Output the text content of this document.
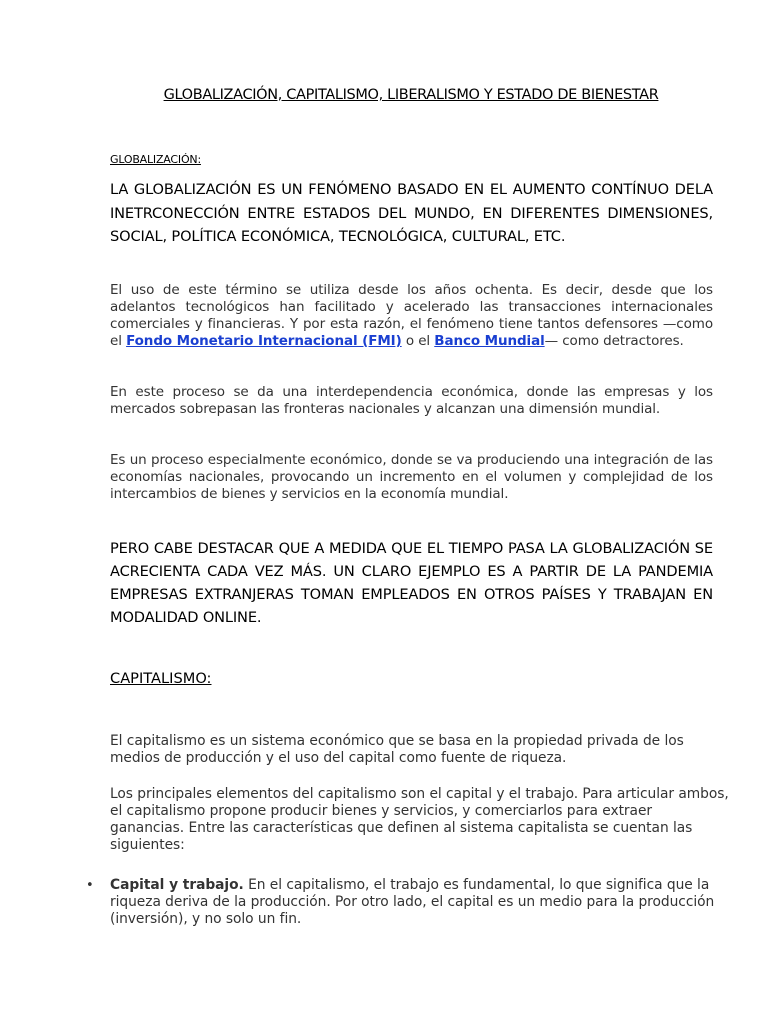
GLOBALIZACIÓN, CAPITALISMO, LIBERALISMO Y ESTADO DE BIENESTAR
GLOBALIZACIÓN:
LA GLOBALIZACIÓN ES UN FENÓMENO BASADO EN EL AUMENTO CONTÍNUO DELA INETRCONECCIÓN ENTRE ESTADOS DEL MUNDO, EN DIFERENTES DIMENSIONES, SOCIAL, POLÍTICA ECONÓMICA, TECNOLÓGICA, CULTURAL, ETC.
El uso de este término se utiliza desde los años ochenta. Es decir, desde que los adelantos tecnológicos han facilitado y acelerado las transacciones internacionales comerciales y financieras. Y por esta razón, el fenómeno tiene tantos defensores —como el Fondo Monetario Internacional (FMI) o el Banco Mundial— como detractores.
En este proceso se da una interdependencia económica, donde las empresas y los mercados sobrepasan las fronteras nacionales y alcanzan una dimensión mundial.
Es un proceso especialmente económico, donde se va produciendo una integración de las economías nacionales, provocando un incremento en el volumen y complejidad de los intercambios de bienes y servicios en la economía mundial.
PERO CABE DESTACAR QUE A MEDIDA QUE EL TIEMPO PASA LA GLOBALIZACIÓN SE ACRECIENTA CADA VEZ MÁS. UN CLARO EJEMPLO ES A PARTIR DE LA PANDEMIA EMPRESAS EXTRANJERAS TOMAN EMPLEADOS EN OTROS PAÍSES Y TRABAJAN EN MODALIDAD ONLINE.
CAPITALISMO:
El capitalismo es un sistema económico que se basa en la propiedad privada de los medios de producción y el uso del capital como fuente de riqueza.
Los principales elementos del capitalismo son el capital y el trabajo. Para articular ambos, el capitalismo propone producir bienes y servicios, y comerciarlos para extraer ganancias. Entre las características que definen al sistema capitalista se cuentan las siguientes:
• Capital y trabajo. En el capitalismo, el trabajo es fundamental, lo que significa que la riqueza deriva de la producción. Por otro lado, el capital es un medio para la producción (inversión), y no solo un fin.
